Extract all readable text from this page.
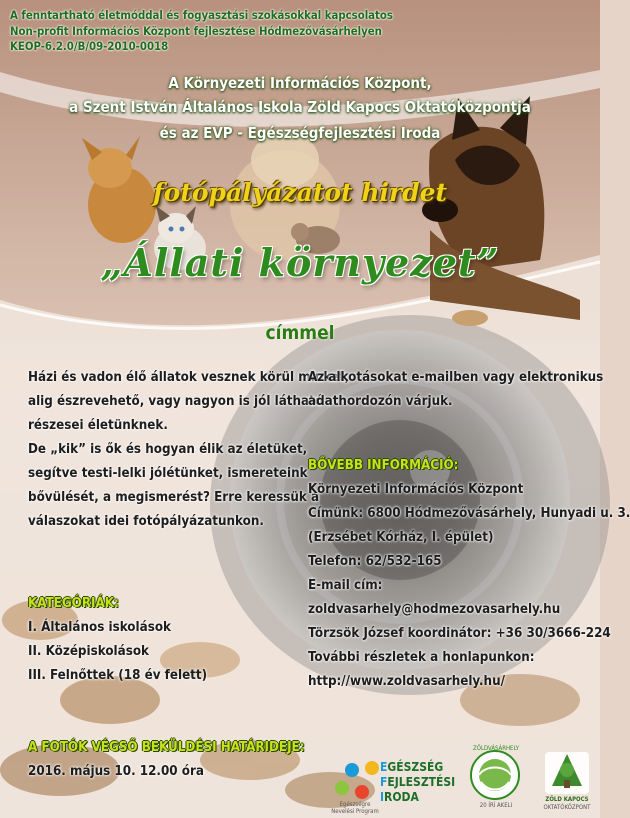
A fenntartható életmóddal és fogyasztási szokásokkal kapcsolatos
Non-profit Információs Központ fejlesztése Hódmezővásárhelyen
KEOP-6.2.0/B/09-2010-0018
A Környezeti Információs Központ,
a Szent István Általános Iskola Zöld Kapocs Oktatóközpontja
és az EVP - Egészségfejlesztési Iroda
fotópályázatot hirdet
„Állati környezet”
címmel
Házi és vadon élő állatok vesznek körül minket,
alig észrevehető, vagy nagyon is jól látható
részesei életünknek.
De „kik” is ők és hogyan élik az életüket,
segítve testi-lelki jólétünket, ismereteink
bővülését, a megismerést? Erre keressük a
válaszokat idei fotópályázatunkon.
KATEGÓRIÁK:
I. Általános iskolások
II. Középiskolások
III. Felnőttek (18 év felett)
A FOTÓK VÉGSŐ BEKÜLDÉSI HATÁRIDEJE:
2016. május 10. 12.00 óra
Az alkotásokat e-mailben vagy elektronikus
adathordozón várjuk.
BŐVEBB INFORMÁCIÓ:
Környezeti Információs Központ
Címünk: 6800 Hódmezővásárhely, Hunyadi u. 3.
(Erzsébet Kórház, I. épület)
Telefon: 62/532-165
E-mail cím:
zoldvasarhely@hodmezovasarhely.hu
Törzsök József koordinátor: +36 30/3666-224
További részletek a honlapunkon:
http://www.zoldvasarhely.hu/
EGÉSZSÉG
FEJLESZTÉSI
IRODA
Egészségre Nevelési Program
ZÖLDVÁSÁRHELY
20 ÍRÍ AKELI
ZÖLD KAPOCS
OKTATÓKÖZPONT
